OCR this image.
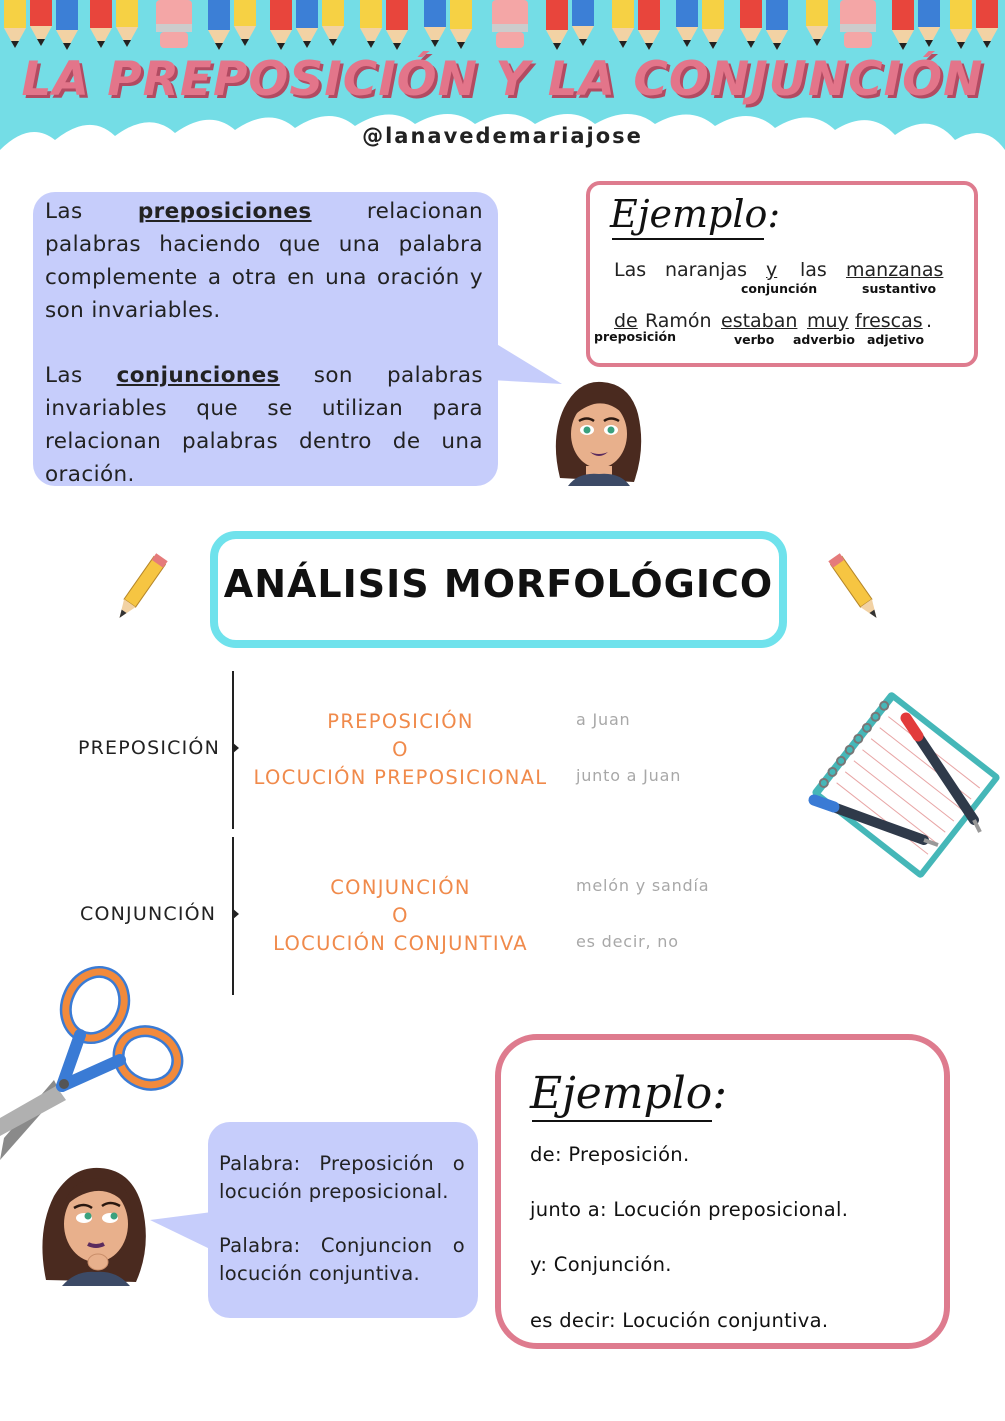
LA PREPOSICIÓN Y LA CONJUNCIÓN
@lanavedemariajose

Las	preposiciones	relacionan palabras haciendo que una palabra complemente a otra en una oración y son invariables.

Las conjunciones son palabras invariables que se utilizan para relacionan palabras dentro de una oración.

Ejemplo:
Las naranjas y las manzanas
conjunción	sustantivo
de Ramón estaban muy frescas .
preposición	verbo adverbio adjetivo
ANÁLISIS MORFOLÓGICO
PREPOSICIÓN
PREPOSICIÓN
O
LOCUCIÓN PREPOSICIONAL
a Juan
junto a Juan
CONJUNCIÓN
CONJUNCIÓN
O
LOCUCIÓN CONJUNTIVA
melón y sandía
es decir, no

Palabra: Preposición o locución preposicional.

Palabra: Conjuncion o locución conjuntiva.

Ejemplo:
de: Preposición.
junto a: Locución preposicional.
y: Conjunción.
es decir: Locución conjuntiva.
